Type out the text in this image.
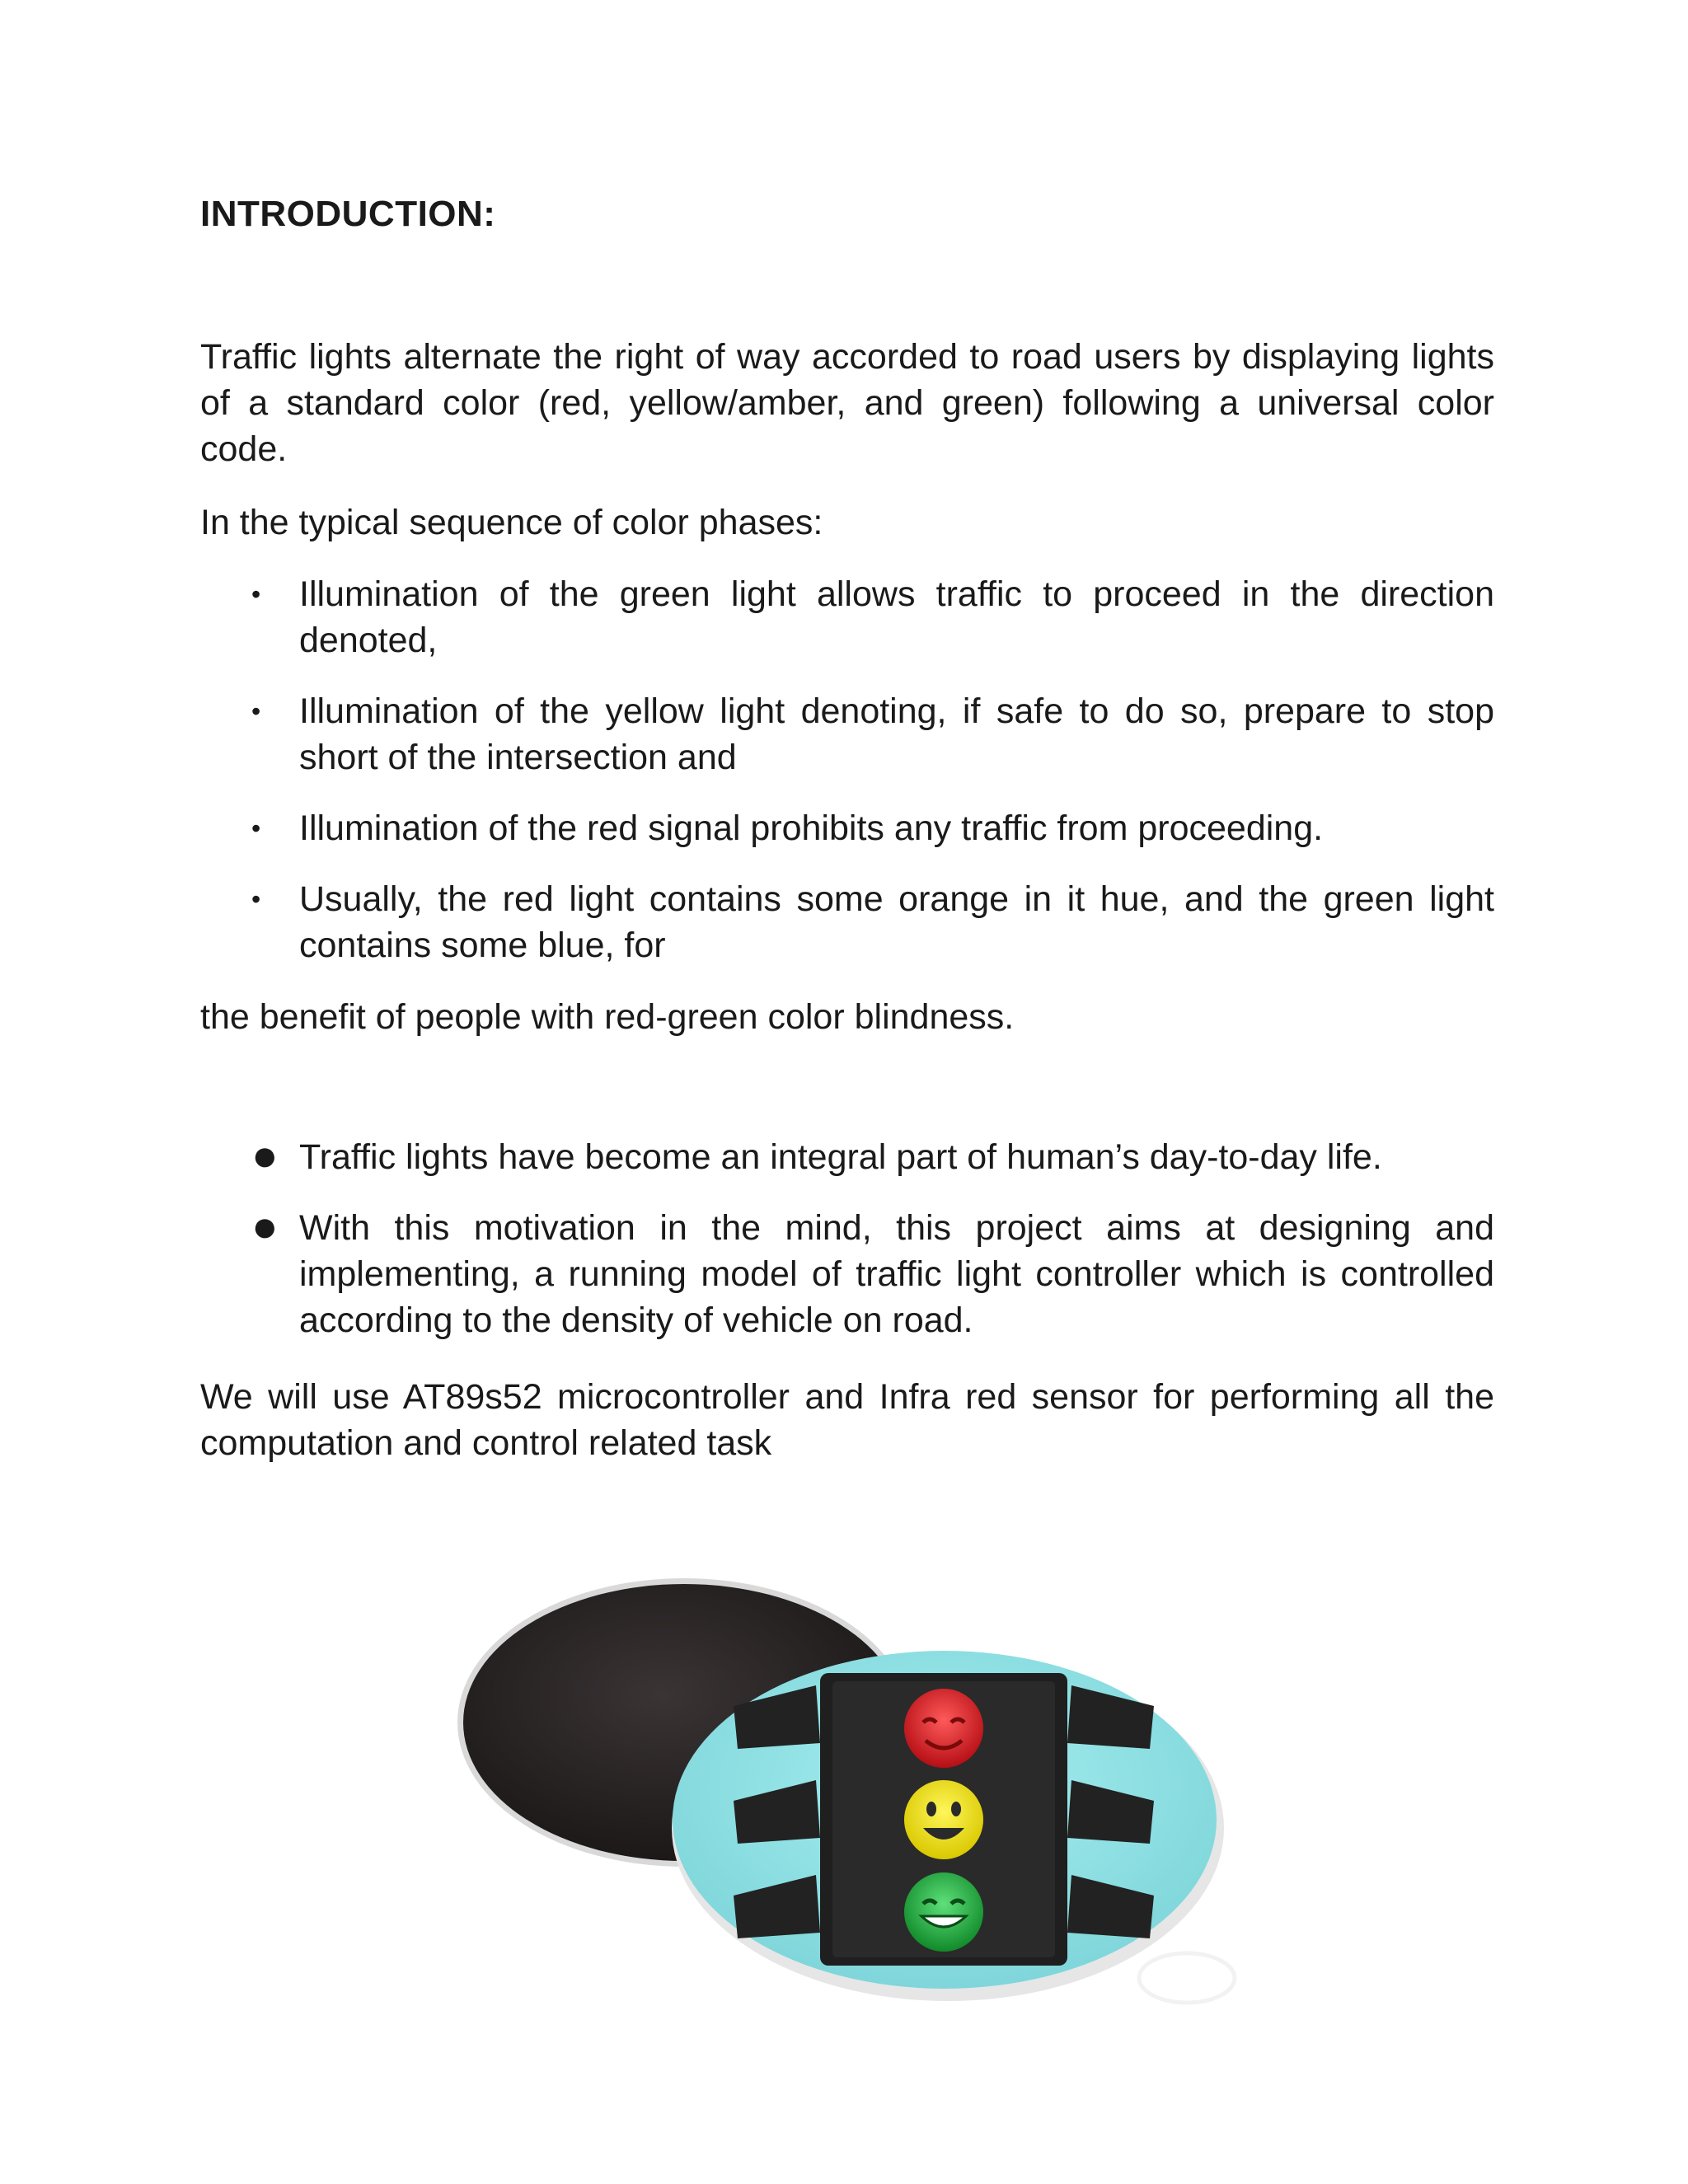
INTRODUCTION:

Traffic lights alternate the right of way accorded to road users by displaying lights of a standard color (red, yellow/amber, and green) following a universal color code.

In the typical sequence of color phases:

• Illumination of the green light allows traffic to proceed in the direction denoted,
• Illumination of the yellow light denoting, if safe to do so, prepare to stop short of the intersection and
• Illumination of the red signal prohibits any traffic from proceeding.
• Usually, the red light contains some orange in it hue, and the green light contains some blue, for

the benefit of people with red-green color blindness.

● Traffic lights have become an integral part of human’s day-to-day life.
● With this motivation in the mind, this project aims at designing and implementing, a running model of traffic light controller which is controlled according to the density of vehicle on road.

We will use AT89s52 microcontroller and Infra red sensor for performing all the computation and control related task
